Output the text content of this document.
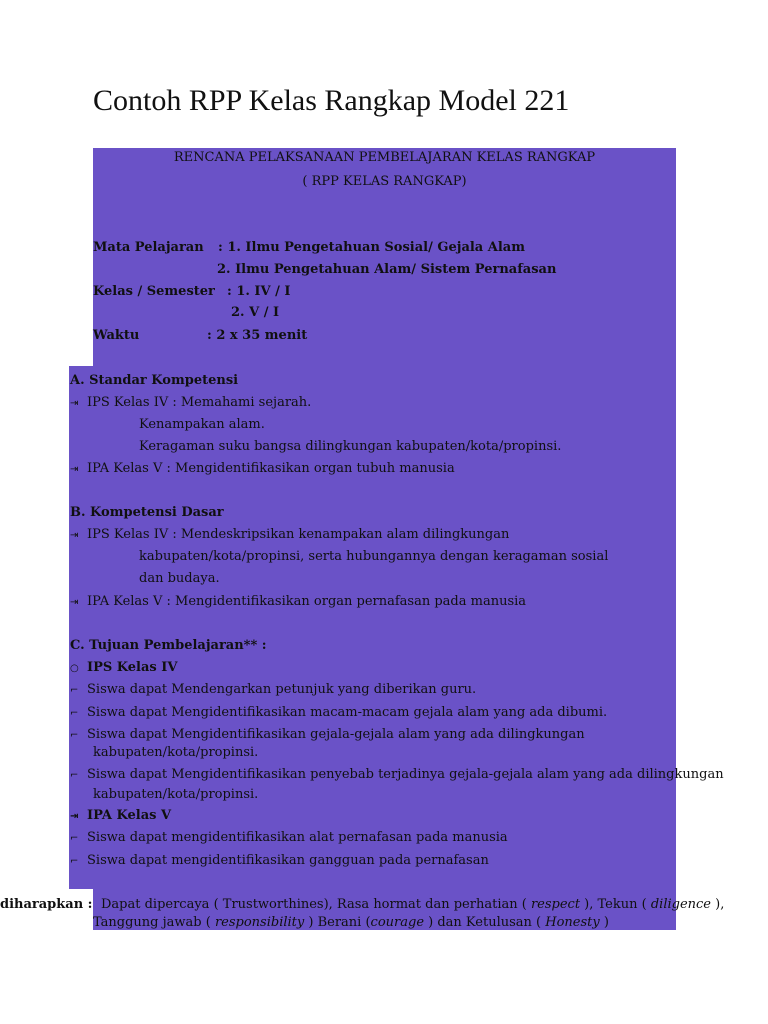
Contoh RPP Kelas Rangkap Model 221
RENCANA PELAKSANAAN PEMBELAJARAN KELAS RANGKAP
( RPP KELAS RANGKAP)
Mata Pelajaran : 1. Ilmu Pengetahuan Sosial/ Gejala Alam
2. Ilmu Pengetahuan Alam/ Sistem Pernafasan
Kelas / Semester : 1. IV / I
2. V / I
Waktu	: 2 x 35 menit
A. Standar Kompetensi
⇥ IPS Kelas IV : Memahami sejarah.
Kenampakan alam.
Keragaman suku bangsa dilingkungan kabupaten/kota/propinsi.
⇥ IPA Kelas V : Mengidentifikasikan organ tubuh manusia
B. Kompetensi Dasar
⇥ IPS Kelas IV : Mendeskripsikan kenampakan alam dilingkungan
kabupaten/kota/propinsi, serta hubungannya dengan keragaman sosial
dan budaya.
⇥ IPA Kelas V : Mengidentifikasikan organ pernafasan pada manusia
C. Tujuan Pembelajaran** :
○ IPS Kelas IV
⌐ Siswa dapat Mendengarkan petunjuk yang diberikan guru.
⌐ Siswa dapat Mengidentifikasikan macam-macam gejala alam yang ada dibumi.
⌐ Siswa dapat Mengidentifikasikan gejala-gejala alam yang ada dilingkungan
kabupaten/kota/propinsi.
⌐ Siswa dapat Mengidentifikasikan penyebab terjadinya gejala-gejala alam yang ada dilingkungan
kabupaten/kota/propinsi.
⇥ IPA Kelas V
⌐ Siswa dapat mengidentifikasikan alat pernafasan pada manusia
⌐ Siswa dapat mengidentifikasikan gangguan pada pernafasan
diharapkan : Dapat dipercaya ( Trustworthines), Rasa hormat dan perhatian ( respect ), Tekun ( diligence ),
Tanggung jawab ( responsibility ) Berani (courage ) dan Ketulusan ( Honesty )
